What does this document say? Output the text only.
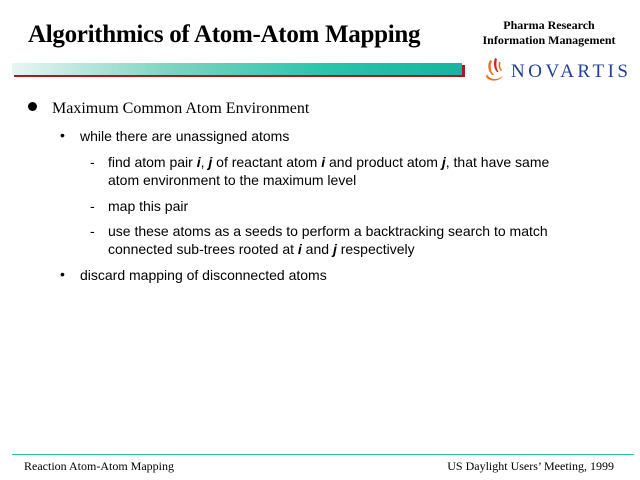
Algorithmics of Atom-Atom Mapping	Pharma Research
Information Management
NOVARTIS
Maximum Common Atom Environment
• while there are unassigned atoms
- find atom pair i, j of reactant atom i and product atom j, that have same atom environment to the maximum level
- map this pair
- use these atoms as a seeds to perform a backtracking search to match connected sub-trees rooted at i and j respectively
• discard mapping of disconnected atoms
Reaction Atom-Atom Mapping	US Daylight Users’ Meeting, 1999
